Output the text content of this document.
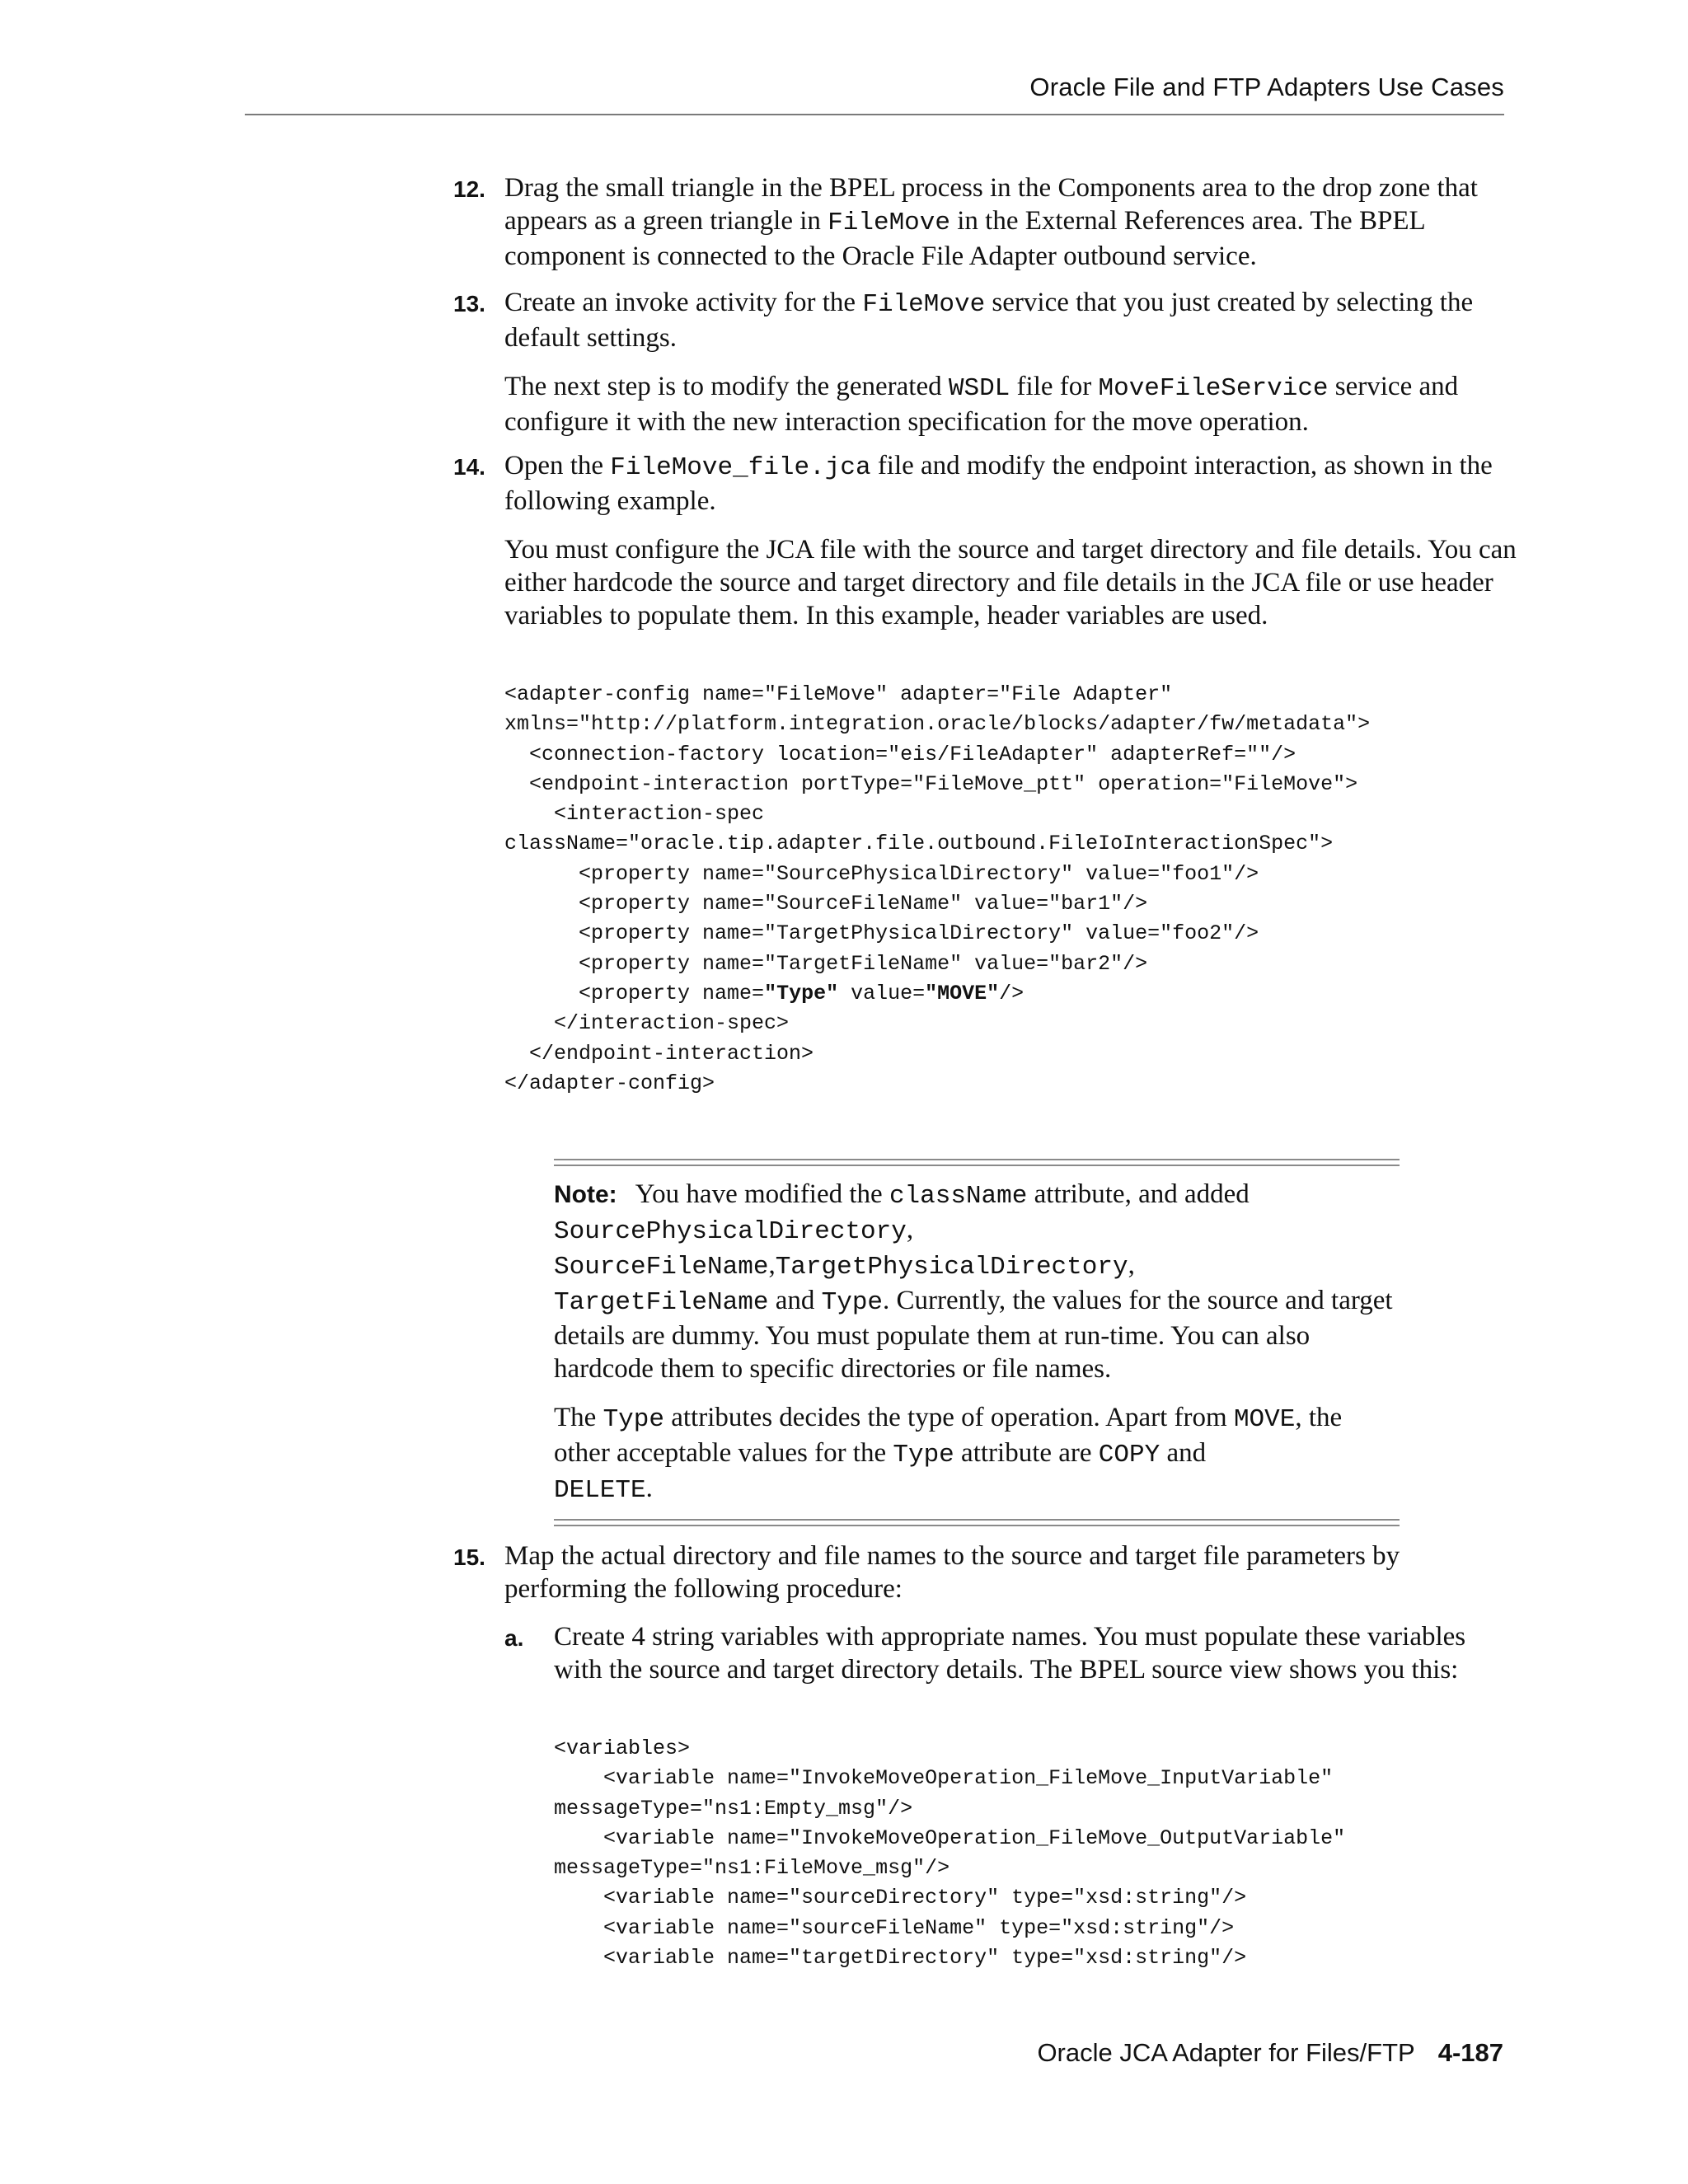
Oracle File and FTP Adapters Use Cases
12. Drag the small triangle in the BPEL process in the Components area to the drop zone that appears as a green triangle in FileMove in the External References area. The BPEL component is connected to the Oracle File Adapter outbound service.

13. Create an invoke activity for the FileMove service that you just created by selecting the default settings.

The next step is to modify the generated WSDL file for MoveFileService service and configure it with the new interaction specification for the move operation.

14. Open the FileMove_file.jca file and modify the endpoint interaction, as shown in the following example.

You must configure the JCA file with the source and target directory and file details. You can either hardcode the source and target directory and file details in the JCA file or use header variables to populate them. In this example, header variables are used.

<adapter-config name="FileMove" adapter="File Adapter"
xmlns="http://platform.integration.oracle/blocks/adapter/fw/metadata">
<connection-factory location="eis/FileAdapter" adapterRef=""/>
<endpoint-interaction portType="FileMove_ptt" operation="FileMove">
<interaction-spec
className="oracle.tip.adapter.file.outbound.FileIoInteractionSpec">
<property name="SourcePhysicalDirectory" value="foo1"/>
<property name="SourceFileName" value="bar1"/>
<property name="TargetPhysicalDirectory" value="foo2"/>
<property name="TargetFileName" value="bar2"/>
<property name="Type" value="MOVE"/>
</interaction-spec>
</endpoint-interaction>
</adapter-config>
Note: You have modified the className attribute, and added
SourcePhysicalDirectory,
SourceFileName,TargetPhysicalDirectory,
TargetFileName and Type. Currently, the values for the source and target details are dummy. You must populate them at run-time. You can also hardcode them to specific directories or file names.
The Type attributes decides the type of operation. Apart from MOVE, the other acceptable values for the Type attribute are COPY and
DELETE.
15. Map the actual directory and file names to the source and target file parameters by performing the following procedure:

a. Create 4 string variables with appropriate names. You must populate these variables with the source and target directory details. The BPEL source view shows you this:

<variables>
<variable name="InvokeMoveOperation_FileMove_InputVariable"
messageType="ns1:Empty_msg"/>
<variable name="InvokeMoveOperation_FileMove_OutputVariable"
messageType="ns1:FileMove_msg"/>
<variable name="sourceDirectory" type="xsd:string"/>
<variable name="sourceFileName" type="xsd:string"/>
<variable name="targetDirectory" type="xsd:string"/>
Oracle JCA Adapter for Files/FTP 4-187
